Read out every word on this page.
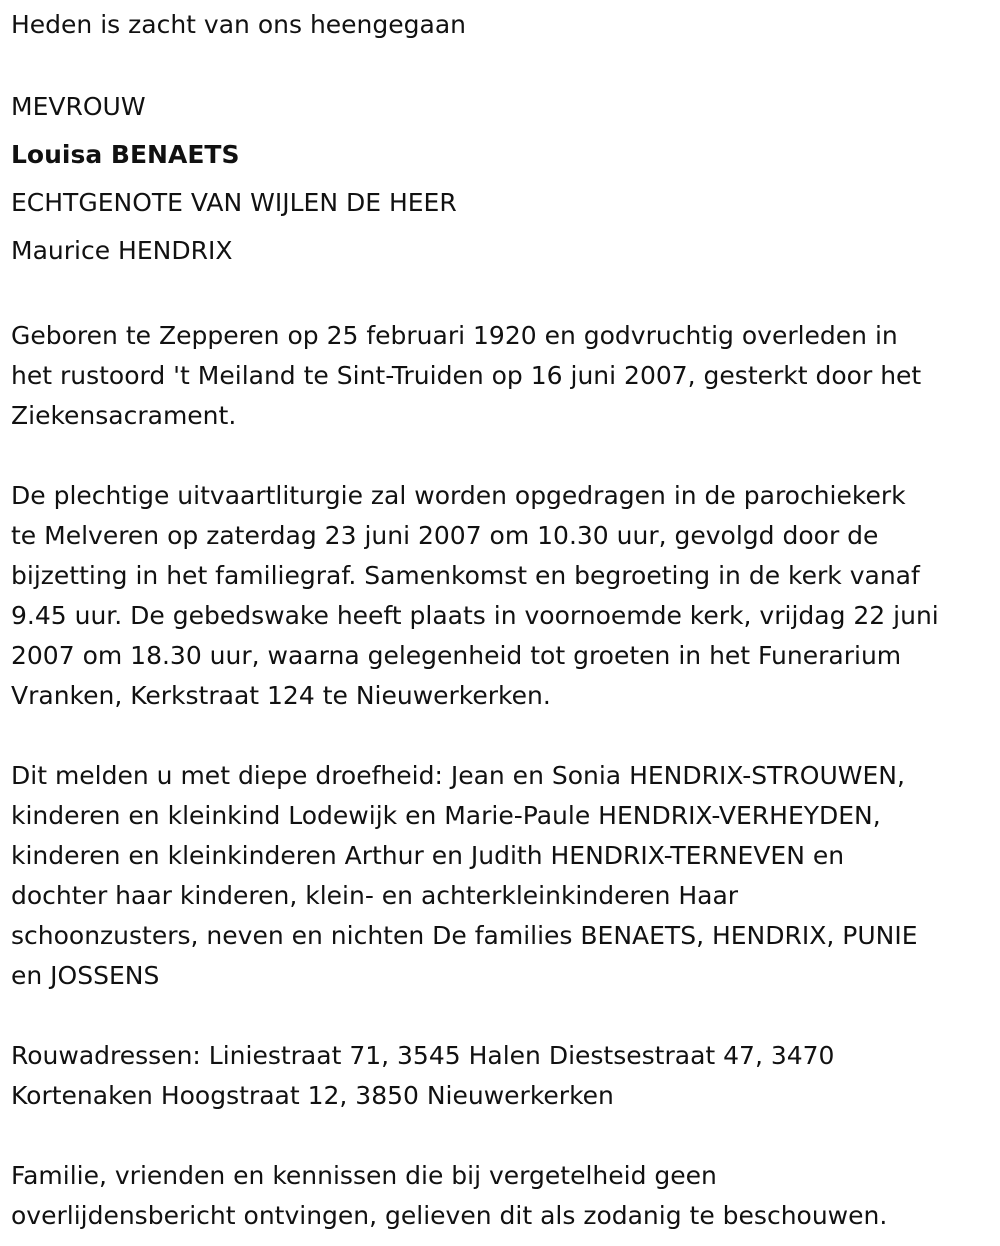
Heden is zacht van ons heengegaan
MEVROUW
Louisa BENAETS
ECHTGENOTE VAN WIJLEN DE HEER
Maurice HENDRIX
Geboren te Zepperen op 25 februari 1920 en godvruchtig overleden in
het rustoord 't Meiland te Sint-Truiden op 16 juni 2007, gesterkt door het
Ziekensacrament.
De plechtige uitvaartliturgie zal worden opgedragen in de parochiekerk
te Melveren op zaterdag 23 juni 2007 om 10.30 uur, gevolgd door de
bijzetting in het familiegraf. Samenkomst en begroeting in de kerk vanaf
9.45 uur. De gebedswake heeft plaats in voornoemde kerk, vrijdag 22 juni
2007 om 18.30 uur, waarna gelegenheid tot groeten in het Funerarium
Vranken, Kerkstraat 124 te Nieuwerkerken.
Dit melden u met diepe droefheid: Jean en Sonia HENDRIX-STROUWEN,
kinderen en kleinkind Lodewijk en Marie-Paule HENDRIX-VERHEYDEN,
kinderen en kleinkinderen Arthur en Judith HENDRIX-TERNEVEN en
dochter haar kinderen, klein- en achterkleinkinderen Haar
schoonzusters, neven en nichten De families BENAETS, HENDRIX, PUNIE
en JOSSENS
Rouwadressen: Liniestraat 71, 3545 Halen Diestsestraat 47, 3470
Kortenaken Hoogstraat 12, 3850 Nieuwerkerken
Familie, vrienden en kennissen die bij vergetelheid geen
overlijdensbericht ontvingen, gelieven dit als zodanig te beschouwen.
